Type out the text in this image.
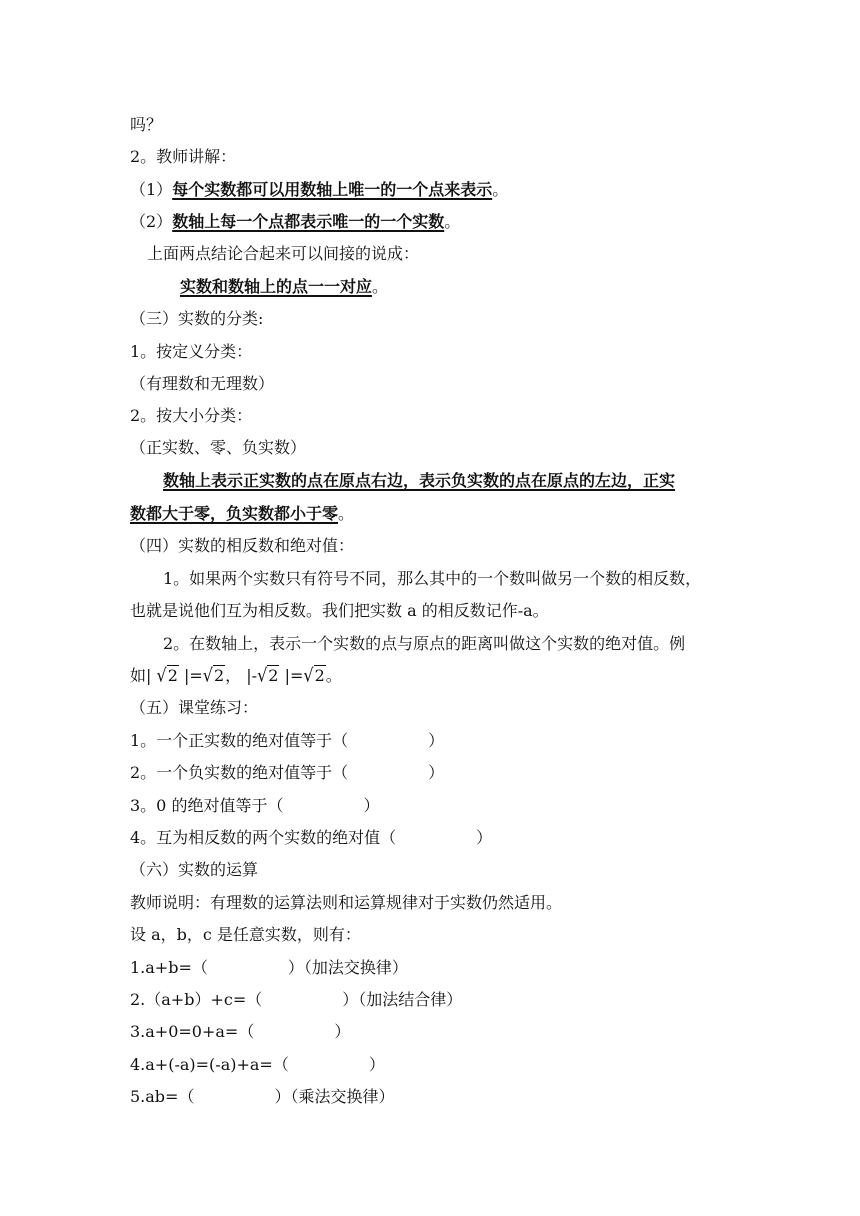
吗？
2。教师讲解：
（1）每个实数都可以用数轴上唯一的一个点来表示。
（2）数轴上每一个点都表示唯一的一个实数。
上面两点结论合起来可以间接的说成：
实数和数轴上的点一一对应。
（三）实数的分类:
1。按定义分类：
（有理数和无理数）
2。按大小分类：
（正实数、零、负实数）
数轴上表示正实数的点在原点右边，表示负实数的点在原点的左边，正实
数都大于零，负实数都小于零。
（四）实数的相反数和绝对值：
1。如果两个实数只有符号不同，那么其中的一个数叫做另一个数的相反数，
也就是说他们互为相反数。我们把实数 a 的相反数记作-a。
2。在数轴上，表示一个实数的点与原点的距离叫做这个实数的绝对值。例
如| √2 |=√2， |-√2 |=√2。
（五）课堂练习：
1。一个正实数的绝对值等于（　　　　　）
2。一个负实数的绝对值等于（　　　　　）
3。0 的绝对值等于（　　　　　）
4。互为相反数的两个实数的绝对值（　　　　　）
（六）实数的运算
教师说明：有理数的运算法则和运算规律对于实数仍然适用。
设 a，b，c 是任意实数，则有：
1.a+b=（　　　　　）（加法交换律）
2.（a+b）+c=（　　　　　）（加法结合律）
3.a+0=0+a=（　　　　　）
4.a+(-a)=(-a)+a=（　　　　　）
5.ab=（　　　　　）（乘法交换律）
